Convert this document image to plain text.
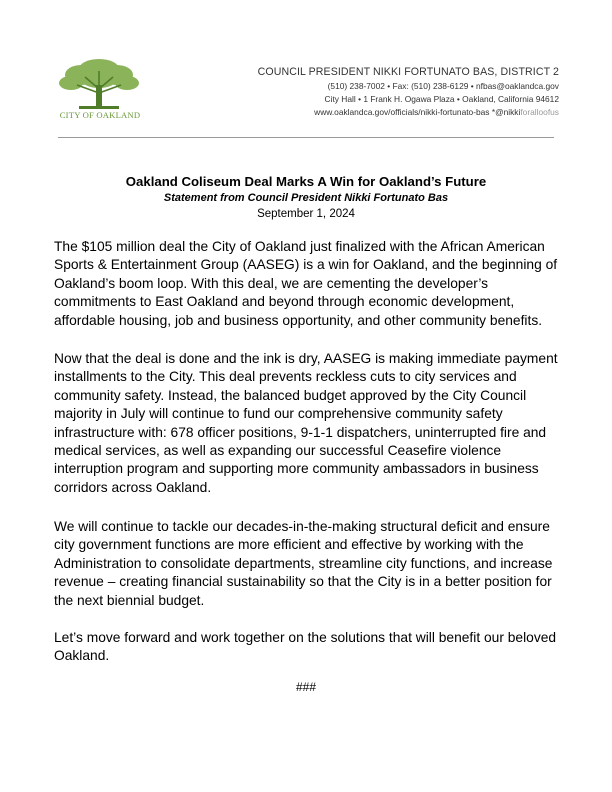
CITY OF OAKLAND
COUNCIL PRESIDENT NIKKI FORTUNATO BAS, DISTRICT 2
(510) 238-7002 • Fax: (510) 238-6129 • nfbas@oaklandca.gov
City Hall • 1 Frank H. Ogawa Plaza • Oakland, California 94612
www.oaklandca.gov/officials/nikki-fortunato-bas *@nikkiforalloofus
Oakland Coliseum Deal Marks A Win for Oakland’s Future
Statement from Council President Nikki Fortunato Bas
September 1, 2024

The $105 million deal the City of Oakland just finalized with the African American Sports & Entertainment Group (AASEG) is a win for Oakland, and the beginning of Oakland’s boom loop. With this deal, we are cementing the developer’s commitments to East Oakland and beyond through economic development, affordable housing, job and business opportunity, and other community benefits.

Now that the deal is done and the ink is dry, AASEG is making immediate payment installments to the City. This deal prevents reckless cuts to city services and community safety. Instead, the balanced budget approved by the City Council majority in July will continue to fund our comprehensive community safety infrastructure with: 678 officer positions, 9-1-1 dispatchers, uninterrupted fire and medical services, as well as expanding our successful Ceasefire violence interruption program and supporting more community ambassadors in business corridors across Oakland.

We will continue to tackle our decades-in-the-making structural deficit and ensure city government functions are more efficient and effective by working with the Administration to consolidate departments, streamline city functions, and increase revenue – creating financial sustainability so that the City is in a better position for the next biennial budget.

Let’s move forward and work together on the solutions that will benefit our beloved Oakland.

###
